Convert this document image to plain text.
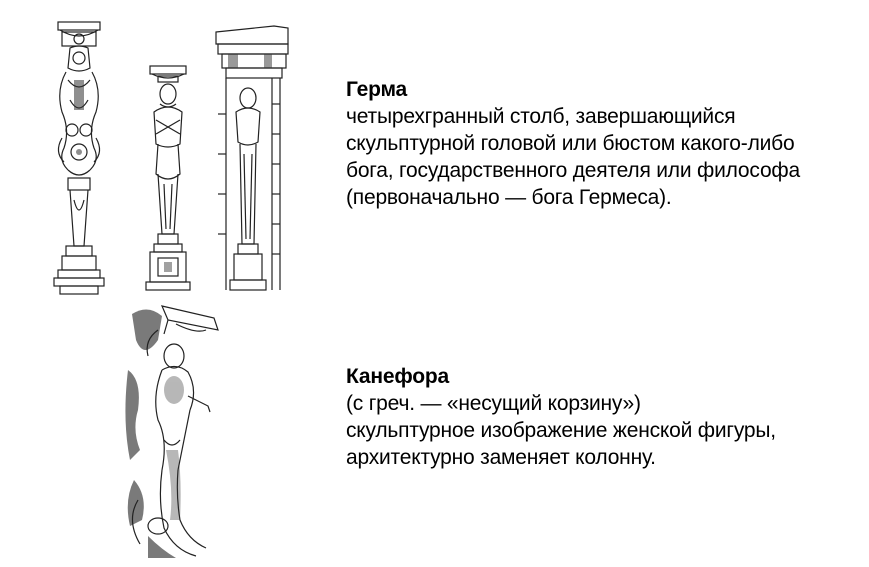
Герма
четырехгранный столб, завершающийся
скульптурной головой или бюстом какого-либо
бога, государственного деятеля или философа
(первоначально — бога Гермеса).
Канефора
(с греч. — «несущий корзину»)
скульптурное изображение женской фигуры,
архитектурно заменяет колонну.
